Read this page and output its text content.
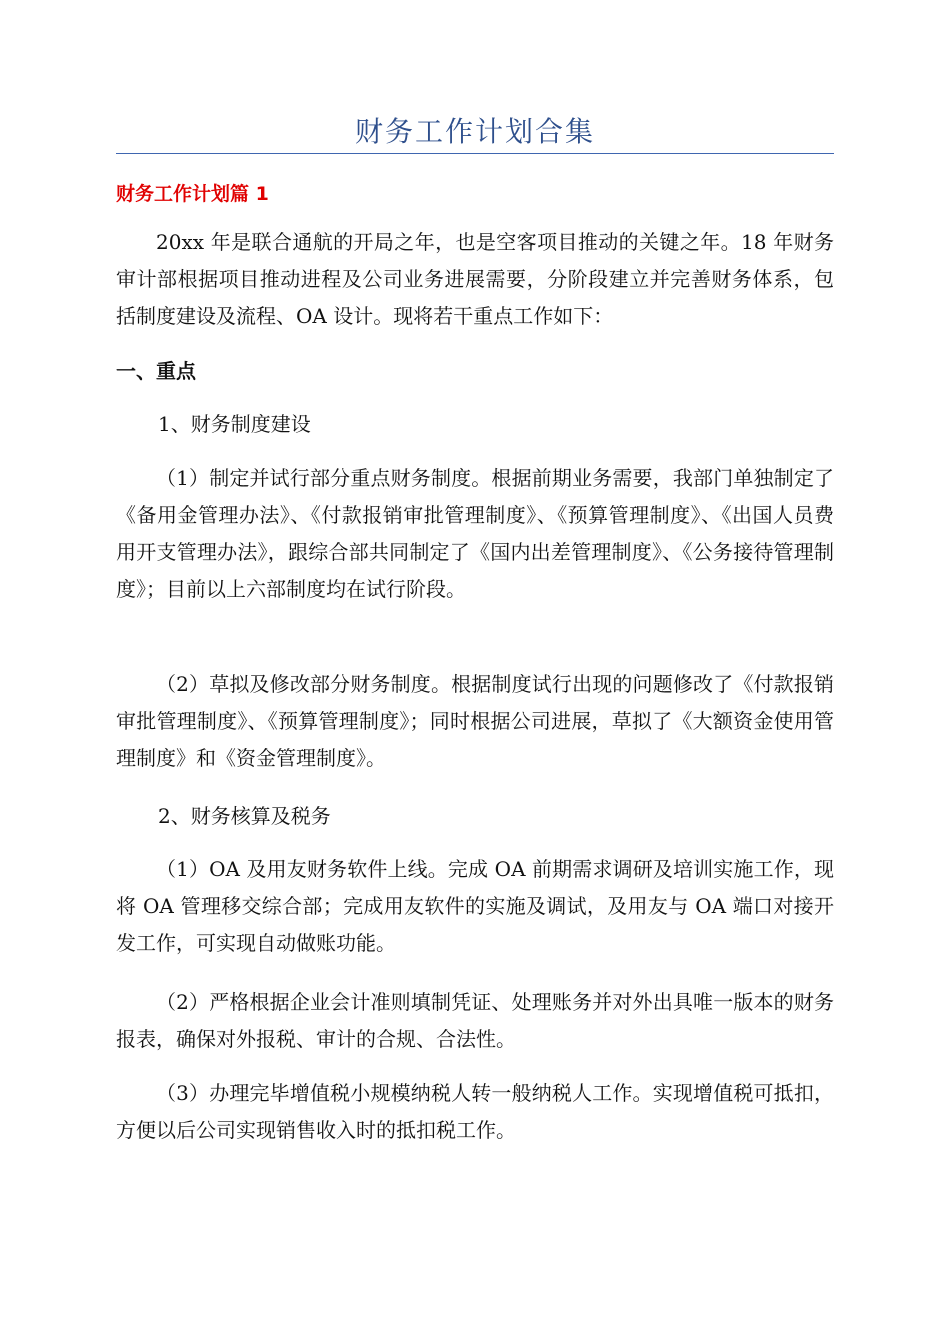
财务工作计划合集
财务工作计划篇 1

20xx 年是联合通航的开局之年，也是空客项目推动的关键之年。18 年财务审计部根据项目推动进程及公司业务进展需要，分阶段建立并完善财务体系，包括制度建设及流程、OA 设计。现将若干重点工作如下：

一、重点
1、财务制度建设

（1）制定并试行部分重点财务制度。根据前期业务需要，我部门单独制定了《备用金管理办法》、《付款报销审批管理制度》、《预算管理制度》、《出国人员费用开支管理办法》，跟综合部共同制定了《国内出差管理制度》、《公务接待管理制度》；目前以上六部制度均在试行阶段。

（2）草拟及修改部分财务制度。根据制度试行出现的问题修改了《付款报销审批管理制度》、《预算管理制度》；同时根据公司进展，草拟了《大额资金使用管理制度》和《资金管理制度》。

2、财务核算及税务

（1）OA 及用友财务软件上线。完成 OA 前期需求调研及培训实施工作，现将 OA 管理移交综合部；完成用友软件的实施及调试，及用友与 OA 端口对接开发工作，可实现自动做账功能。

（2）严格根据企业会计准则填制凭证、处理账务并对外出具唯一版本的财务报表，确保对外报税、审计的合规、合法性。

（3）办理完毕增值税小规模纳税人转一般纳税人工作。实现增值税可抵扣，方便以后公司实现销售收入时的抵扣税工作。
